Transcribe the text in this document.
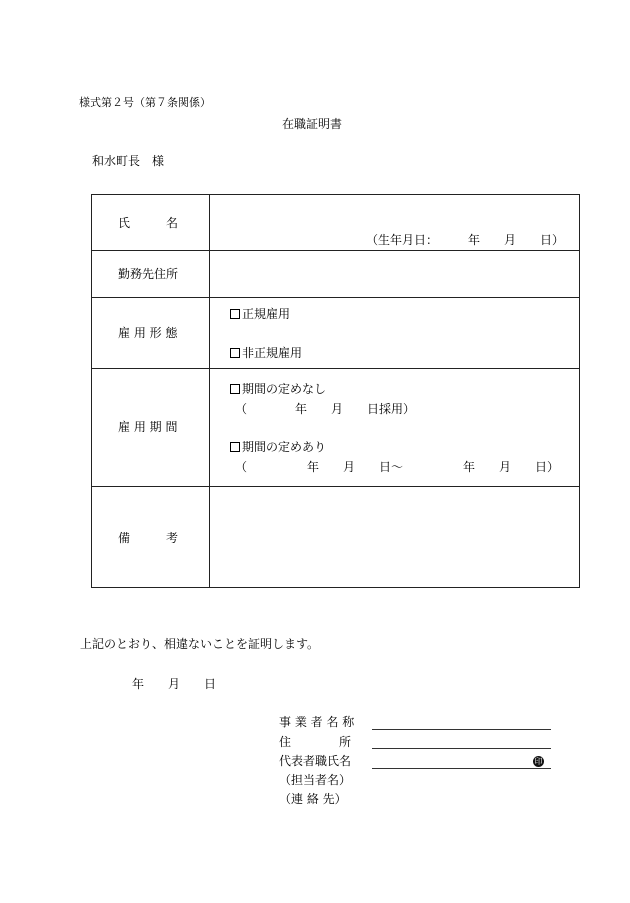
様式第２号（第７条関係）
在職証明書
和水町長　様
氏　　　名
（生年月日：　　　年　　月　　日）
勤務先住所
雇 用 形 態
正規雇用
非正規雇用
雇 用 期 間
期間の定めなし
（　　　　年　　月　　日採用）
期間の定めあり
（　　　　　年　　月　　日～　　　　　年　　月　　日）
備　　　考
上記のとおり、相違ないことを証明します。
年　　月　　日
事 業 者 名 称
住　　　　所
代表者職氏名	印
（担当者名）
（連 絡 先）
